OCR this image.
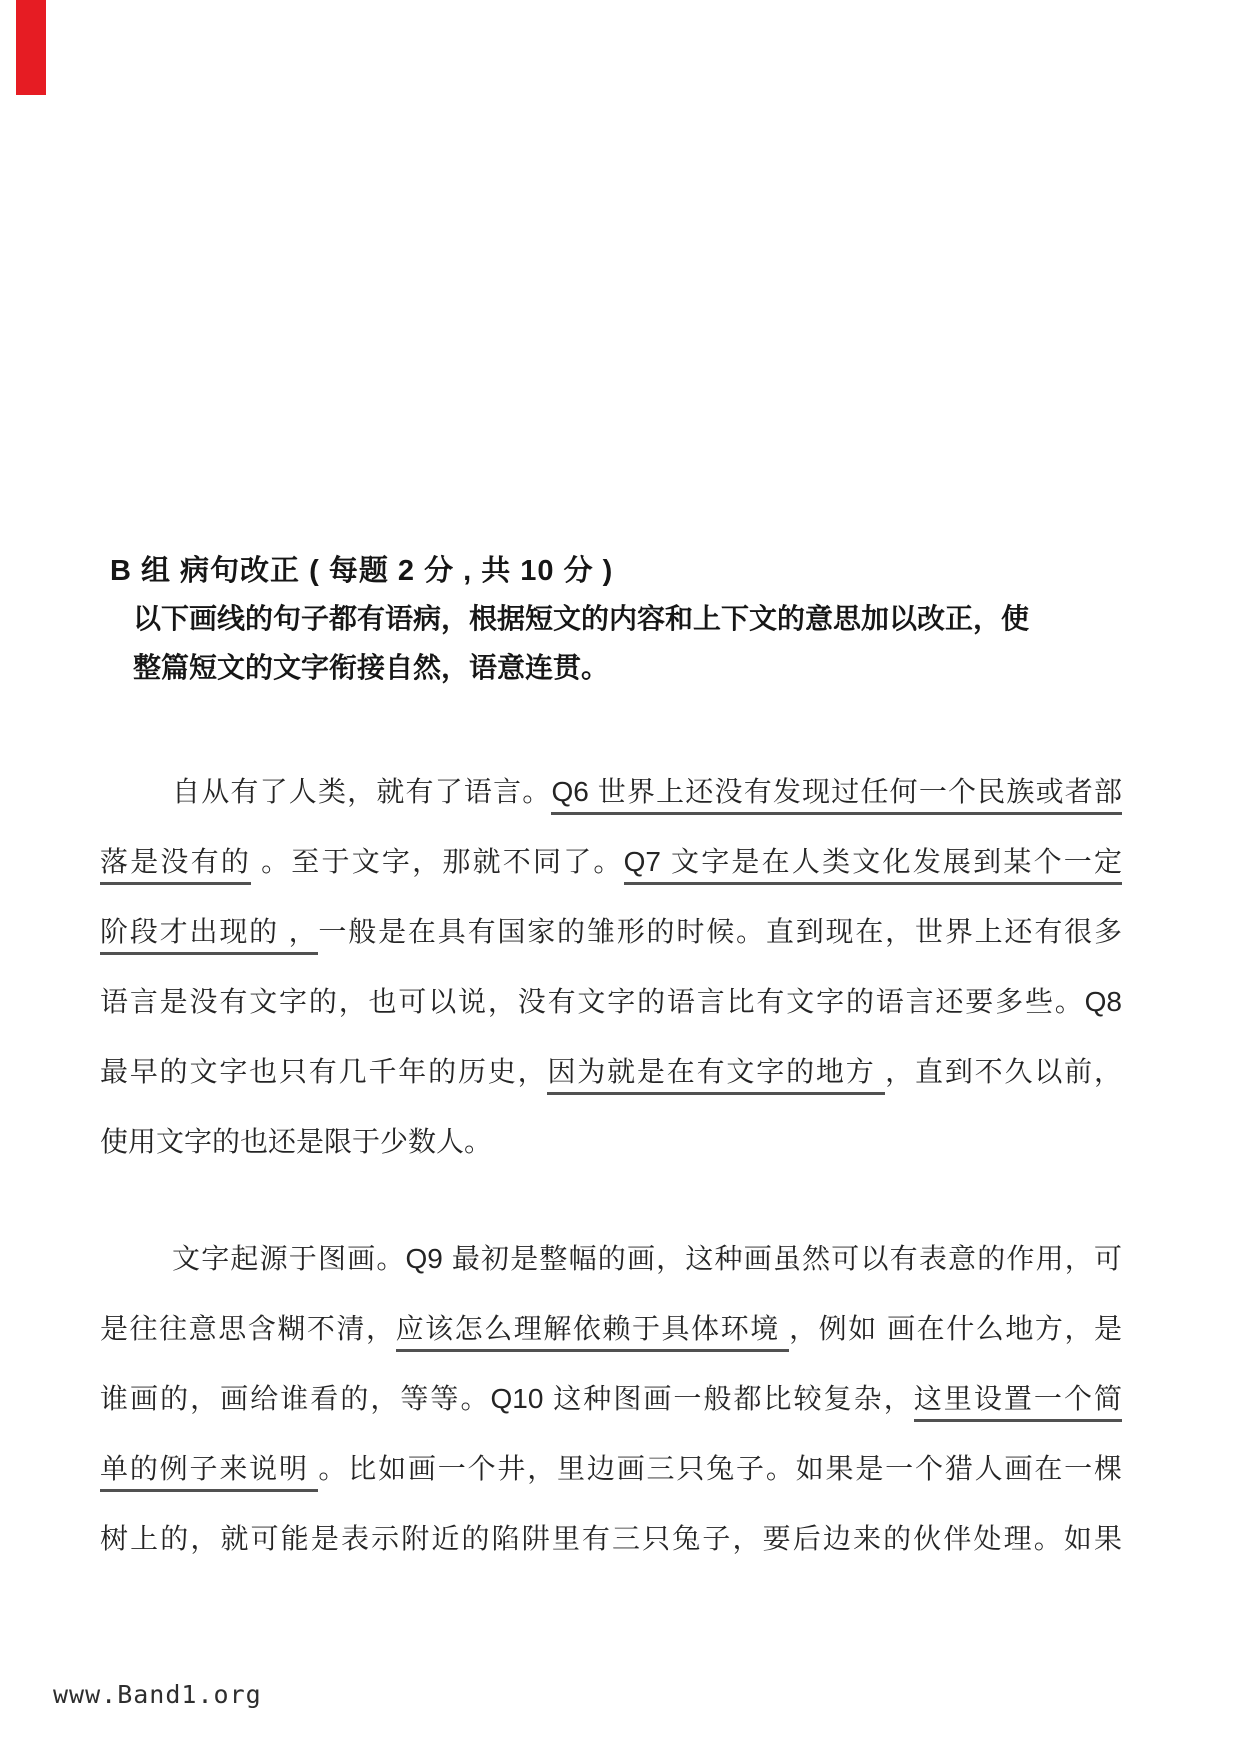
B 组 病句改正 ( 每题 2 分 , 共 10 分 )
以下画线的句子都有语病，根据短文的内容和上下文的意思加以改正，使
整篇短文的文字衔接自然，语意连贯。
自从有了人类，就有了语言。Q6 世界上还没有发现过任何一个民族或者部
落是没有的 。至于文字，那就不同了。Q7 文字是在人类文化发展到某个一定
阶段才出现的 ，一般是在具有国家的雏形的时候。直到现在，世界上还有很多
语言是没有文字的，也可以说，没有文字的语言比有文字的语言还要多些。Q8
最早的文字也只有几千年的历史，因为就是在有文字的地方 ，直到不久以前，
使用文字的也还是限于少数人。
文字起源于图画。Q9 最初是整幅的画，这种画虽然可以有表意的作用，可
是往往意思含糊不清，应该怎么理解依赖于具体环境 ，例如 画在什么地方，是
谁画的，画给谁看的，等等。Q10 这种图画一般都比较复杂，这里设置一个简
单的例子来说明 。比如画一个井，里边画三只兔子。如果是一个猎人画在一棵
树上的，就可能是表示附近的陷阱里有三只兔子，要后边来的伙伴处理。如果
www.Band1.org
